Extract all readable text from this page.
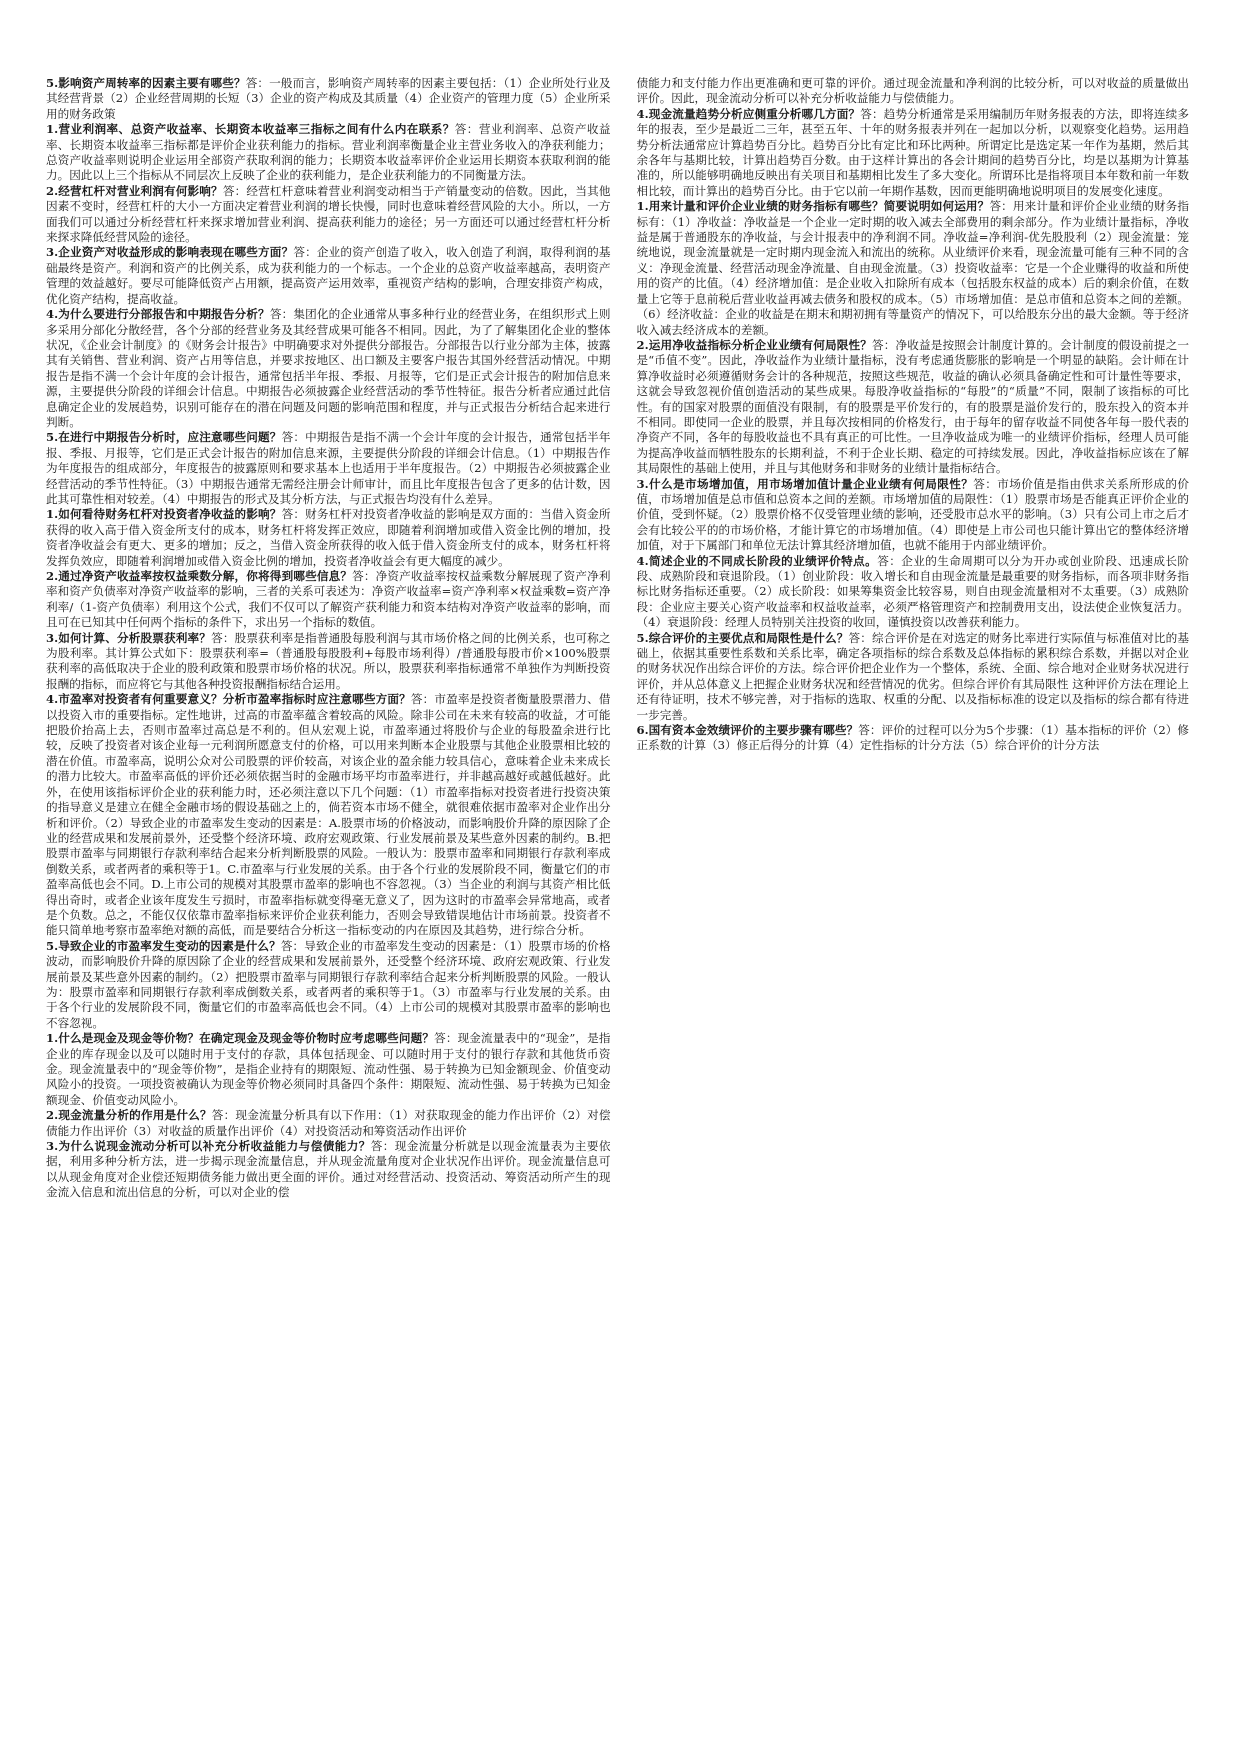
5.影响资产周转率的因素主要有哪些？答：一般而言，影响资产周转率的因素主要包括：（1）企业所处行业及其经营背景（2）企业经营周期的长短（3）企业的资产构成及其质量（4）企业资产的管理力度（5）企业所采用的财务政策

1.营业利润率、总资产收益率、长期资本收益率三指标之间有什么内在联系？答：营业利润率、总资产收益率、长期资本收益率三指标都是评价企业获利能力的指标。营业利润率衡量企业主营业务收入的净获利能力；总资产收益率则说明企业运用全部资产获取利润的能力；长期资本收益率评价企业运用长期资本获取利润的能力。因此以上三个指标从不同层次上反映了企业的获利能力，是企业获利能力的不同衡量方法。

2.经营杠杆对营业利润有何影响？答：经营杠杆意味着营业利润变动相当于产销量变动的倍数。因此，当其他因素不变时，经营杠杆的大小一方面决定着营业利润的增长快慢，同时也意味着经营风险的大小。所以，一方面我们可以通过分析经营杠杆来探求增加营业利润、提高获利能力的途径；另一方面还可以通过经营杠杆分析来探求降低经营风险的途径。

3.企业资产对收益形成的影响表现在哪些方面？答：企业的资产创造了收入，收入创造了利润，取得利润的基础最终是资产。利润和资产的比例关系，成为获利能力的一个标志。一个企业的总资产收益率越高，表明资产管理的效益越好。要尽可能降低资产占用额，提高资产运用效率，重视资产结构的影响，合理安排资产构成，优化资产结构，提高收益。

4.为什么要进行分部报告和中期报告分析？答：集团化的企业通常从事多种行业的经营业务，在组织形式上则多采用分部化分散经营，各个分部的经营业务及其经营成果可能各不相同。因此，为了了解集团化企业的整体状况，《企业会计制度》的《财务会计报告》中明确要求对外提供分部报告。分部报告以行业分部为主体，披露其有关销售、营业利润、资产占用等信息，并要求按地区、出口额及主要客户报告其国外经营活动情况。中期报告是指不满一个会计年度的会计报告，通常包括半年报、季报、月报等，它们是正式会计报告的附加信息来源，主要提供分阶段的详细会计信息。中期报告必须披露企业经营活动的季节性特征。报告分析者应通过此信息确定企业的发展趋势，识别可能存在的潜在问题及问题的影响范围和程度，并与正式报告分析结合起来进行判断。

5.在进行中期报告分析时，应注意哪些问题？答：中期报告是指不满一个会计年度的会计报告，通常包括半年报、季报、月报等，它们是正式会计报告的附加信息来源，主要提供分阶段的详细会计信息。（1）中期报告作为年度报告的组成部分，年度报告的披露原则和要求基本上也适用于半年度报告。（2）中期报告必须披露企业经营活动的季节性特征。（3）中期报告通常无需经注册会计师审计，而且比年度报告包含了更多的估计数，因此其可靠性相对较差。（4）中期报告的形式及其分析方法，与正式报告均没有什么差异。

1.如何看待财务杠杆对投资者净收益的影响？答：财务杠杆对投资者净收益的影响是双方面的：当借入资金所获得的收入高于借入资金所支付的成本，财务杠杆将发挥正效应，即随着利润增加或借入资金比例的增加，投资者净收益会有更大、更多的增加；反之，当借入资金所获得的收入低于借入资金所支付的成本，财务杠杆将发挥负效应，即随着利润增加或借入资金比例的增加，投资者净收益会有更大幅度的减少。

2.通过净资产收益率按权益乘数分解，你将得到哪些信息？答：净资产收益率按权益乘数分解展现了资产净利率和资产负债率对净资产收益率的影响，三者的关系可表述为：净资产收益率=资产净利率×权益乘数=资产净利率/（1-资产负债率）利用这个公式，我们不仅可以了解资产获利能力和资本结构对净资产收益率的影响，而且可在已知其中任何两个指标的条件下，求出另一个指标的数值。

3.如何计算、分析股票获利率？答：股票获利率是指普通股每股利润与其市场价格之间的比例关系，也可称之为股利率。其计算公式如下：股票获利率=（普通股每股股利+每股市场利得）/普通股每股市价×100%股票获利率的高低取决于企业的股利政策和股票市场价格的状况。所以，股票获利率指标通常不单独作为判断投资报酬的指标，而应将它与其他各种投资报酬指标结合运用。

4.市盈率对投资者有何重要意义？分析市盈率指标时应注意哪些方面？答：市盈率是投资者衡量股票潜力、借以投资入市的重要指标。定性地讲，过高的市盈率蕴含着较高的风险。除非公司在未来有较高的收益，才可能把股价抬高上去，否则市盈率过高总是不利的。但从宏观上说，市盈率通过将股价与企业的每股盈余进行比较，反映了投资者对该企业每一元利润所愿意支付的价格，可以用来判断本企业股票与其他企业股票相比较的潜在价值。市盈率高，说明公众对公司股票的评价较高，对该企业的盈余能力较具信心，意味着企业未来成长的潜力比较大。市盈率高低的评价还必须依据当时的金融市场平均市盈率进行，并非越高越好或越低越好。此外，在使用该指标评价企业的获利能力时，还必须注意以下几个问题：（1）市盈率指标对投资者进行投资决策的指导意义是建立在健全金融市场的假设基础之上的，倘若资本市场不健全，就很难依据市盈率对企业作出分析和评价。（2）导致企业的市盈率发生变动的因素是：A.股票市场的价格波动，而影响股价升降的原因除了企业的经营成果和发展前景外，还受整个经济环境、政府宏观政策、行业发展前景及某些意外因素的制约。B.把股票市盈率与同期银行存款利率结合起来分析判断股票的风险。一般认为：股票市盈率和同期银行存款利率成倒数关系，或者两者的乘积等于1。C.市盈率与行业发展的关系。由于各个行业的发展阶段不同，衡量它们的市盈率高低也会不同。D.上市公司的规模对其股票市盈率的影响也不容忽视。（3）当企业的利润与其资产相比低得出奇时，或者企业该年度发生亏损时，市盈率指标就变得毫无意义了，因为这时的市盈率会异常地高，或者是个负数。总之，不能仅仅依靠市盈率指标来评价企业获利能力，否则会导致错误地估计市场前景。投资者不能只简单地考察市盈率绝对额的高低，而是要结合分析这一指标变动的内在原因及其趋势，进行综合分析。

5.导致企业的市盈率发生变动的因素是什么？答：导致企业的市盈率发生变动的因素是：（1）股票市场的价格波动，而影响股价升降的原因除了企业的经营成果和发展前景外，还受整个经济环境、政府宏观政策、行业发展前景及某些意外因素的制约。（2）把股票市盈率与同期银行存款利率结合起来分析判断股票的风险。一般认为：股票市盈率和同期银行存款利率成倒数关系，或者两者的乘积等于1。（3）市盈率与行业发展的关系。由于各个行业的发展阶段不同，衡量它们的市盈率高低也会不同。（4）上市公司的规模对其股票市盈率的影响也不容忽视。

1.什么是现金及现金等价物？在确定现金及现金等价物时应考虑哪些问题？答：现金流量表中的“现金”，是指企业的库存现金以及可以随时用于支付的存款，具体包括现金、可以随时用于支付的银行存款和其他货币资金。现金流量表中的“现金等价物”，是指企业持有的期限短、流动性强、易于转换为已知金额现金、价值变动风险小的投资。一项投资被确认为现金等价物必须同时具备四个条件：期限短、流动性强、易于转换为已知金额现金、价值变动风险小。

2.现金流量分析的作用是什么？答：现金流量分析具有以下作用：（1）对获取现金的能力作出评价（2）对偿债能力作出评价（3）对收益的质量作出评价（4）对投资活动和筹资活动作出评价

3.为什么说现金流动分析可以补充分析收益能力与偿债能力？答：现金流量分析就是以现金流量表为主要依据，利用多种分析方法，进一步揭示现金流量信息，并从现金流量角度对企业状况作出评价。现金流量信息可以从现金角度对企业偿还短期债务能力做出更全面的评价。通过对经营活动、投资活动、筹资活动所产生的现金流入信息和流出信息的分析，可以对企业的偿

债能力和支付能力作出更准确和更可靠的评价。通过现金流量和净利润的比较分析，可以对收益的质量做出评价。因此，现金流动分析可以补充分析收益能力与偿债能力。

4.现金流量趋势分析应侧重分析哪几方面？答：趋势分析通常是采用编制历年财务报表的方法，即将连续多年的报表，至少是最近二三年，甚至五年、十年的财务报表并列在一起加以分析，以观察变化趋势。运用趋势分析法通常应计算趋势百分比。趋势百分比有定比和环比两种。所谓定比是选定某一年作为基期，然后其余各年与基期比较，计算出趋势百分数。由于这样计算出的各会计期间的趋势百分比，均是以基期为计算基准的，所以能够明确地反映出有关项目和基期相比发生了多大变化。所谓环比是指将项目本年数和前一年数相比较，而计算出的趋势百分比。由于它以前一年期作基数，因而更能明确地说明项目的发展变化速度。

1.用来计量和评价企业业绩的财务指标有哪些？简要说明如何运用？答：用来计量和评价企业业绩的财务指标有：（1）净收益：净收益是一个企业一定时期的收入减去全部费用的剩余部分。作为业绩计量指标，净收益是属于普通股东的净收益，与会计报表中的净利润不同。净收益=净利润-优先股股利（2）现金流量：笼统地说，现金流量就是一定时期内现金流入和流出的统称。从业绩评价来看，现金流量可能有三种不同的含义：净现金流量、经营活动现金净流量、自由现金流量。（3）投资收益率：它是一个企业赚得的收益和所使用的资产的比值。（4）经济增加值：是企业收入扣除所有成本（包括股东权益的成本）后的剩余价值，在数量上它等于息前税后营业收益再减去债务和股权的成本。（5）市场增加值：是总市值和总资本之间的差额。（6）经济收益：企业的收益是在期末和期初拥有等量资产的情况下，可以给股东分出的最大金额。等于经济收入减去经济成本的差额。

2.运用净收益指标分析企业业绩有何局限性？答：净收益是按照会计制度计算的。会计制度的假设前提之一是“币值不变”。因此，净收益作为业绩计量指标，没有考虑通货膨胀的影响是一个明显的缺陷。会计师在计算净收益时必须遵循财务会计的各种规范，按照这些规范，收益的确认必须具备确定性和可计量性等要求，这就会导致忽视价值创造活动的某些成果。每股净收益指标的“每股”的“质量”不同，限制了该指标的可比性。有的国家对股票的面值没有限制，有的股票是平价发行的，有的股票是溢价发行的，股东投入的资本并不相同。即使同一企业的股票，并且每次按相同的价格发行，由于每年的留存收益不同使各年每一股代表的净资产不同，各年的每股收益也不具有真正的可比性。一旦净收益成为唯一的业绩评价指标，经理人员可能为提高净收益而牺牲股东的长期利益，不利于企业长期、稳定的可持续发展。因此，净收益指标应该在了解其局限性的基础上使用，并且与其他财务和非财务的业绩计量指标结合。

3.什么是市场增加值，用市场增加值计量企业业绩有何局限性？答：市场价值是指由供求关系所形成的价值，市场增加值是总市值和总资本之间的差额。市场增加值的局限性：（1）股票市场是否能真正评价企业的价值，受到怀疑。（2）股票价格不仅受管理业绩的影响，还受股市总水平的影响。（3）只有公司上市之后才会有比较公平的的市场价格，才能计算它的市场增加值。（4）即使是上市公司也只能计算出它的整体经济增加值，对于下属部门和单位无法计算其经济增加值，也就不能用于内部业绩评价。

4.简述企业的不同成长阶段的业绩评价特点。答：企业的生命周期可以分为开办或创业阶段、迅速成长阶段、成熟阶段和衰退阶段。（1）创业阶段：收入增长和自由现金流量是最重要的财务指标，而各项非财务指标比财务指标还重要。（2）成长阶段：如果筹集资金比较容易，则自由现金流量相对不太重要。（3）成熟阶段：企业应主要关心资产收益率和权益收益率，必须严格管理资产和控制费用支出，设法使企业恢复活力。（4）衰退阶段：经理人员特别关注投资的收回，谨慎投资以改善获利能力。

5.综合评价的主要优点和局限性是什么？答：综合评价是在对选定的财务比率进行实际值与标准值对比的基础上，依据其重要性系数和关系比率，确定各项指标的综合系数及总体指标的累积综合系数，并据以对企业的财务状况作出综合评价的方法。综合评价把企业作为一个整体，系统、全面、综合地对企业财务状况进行评价，并从总体意义上把握企业财务状况和经营情况的优劣。但综合评价有其局限性 这种评价方法在理论上还有待证明，技术不够完善，对于指标的选取、权重的分配、以及指标标准的设定以及指标的综合都有待进一步完善。

6.国有资本金效绩评价的主要步骤有哪些？答：评价的过程可以分为5个步骤：（1）基本指标的评价（2）修正系数的计算（3）修正后得分的计算（4）定性指标的计分方法（5）综合评价的计分方法
